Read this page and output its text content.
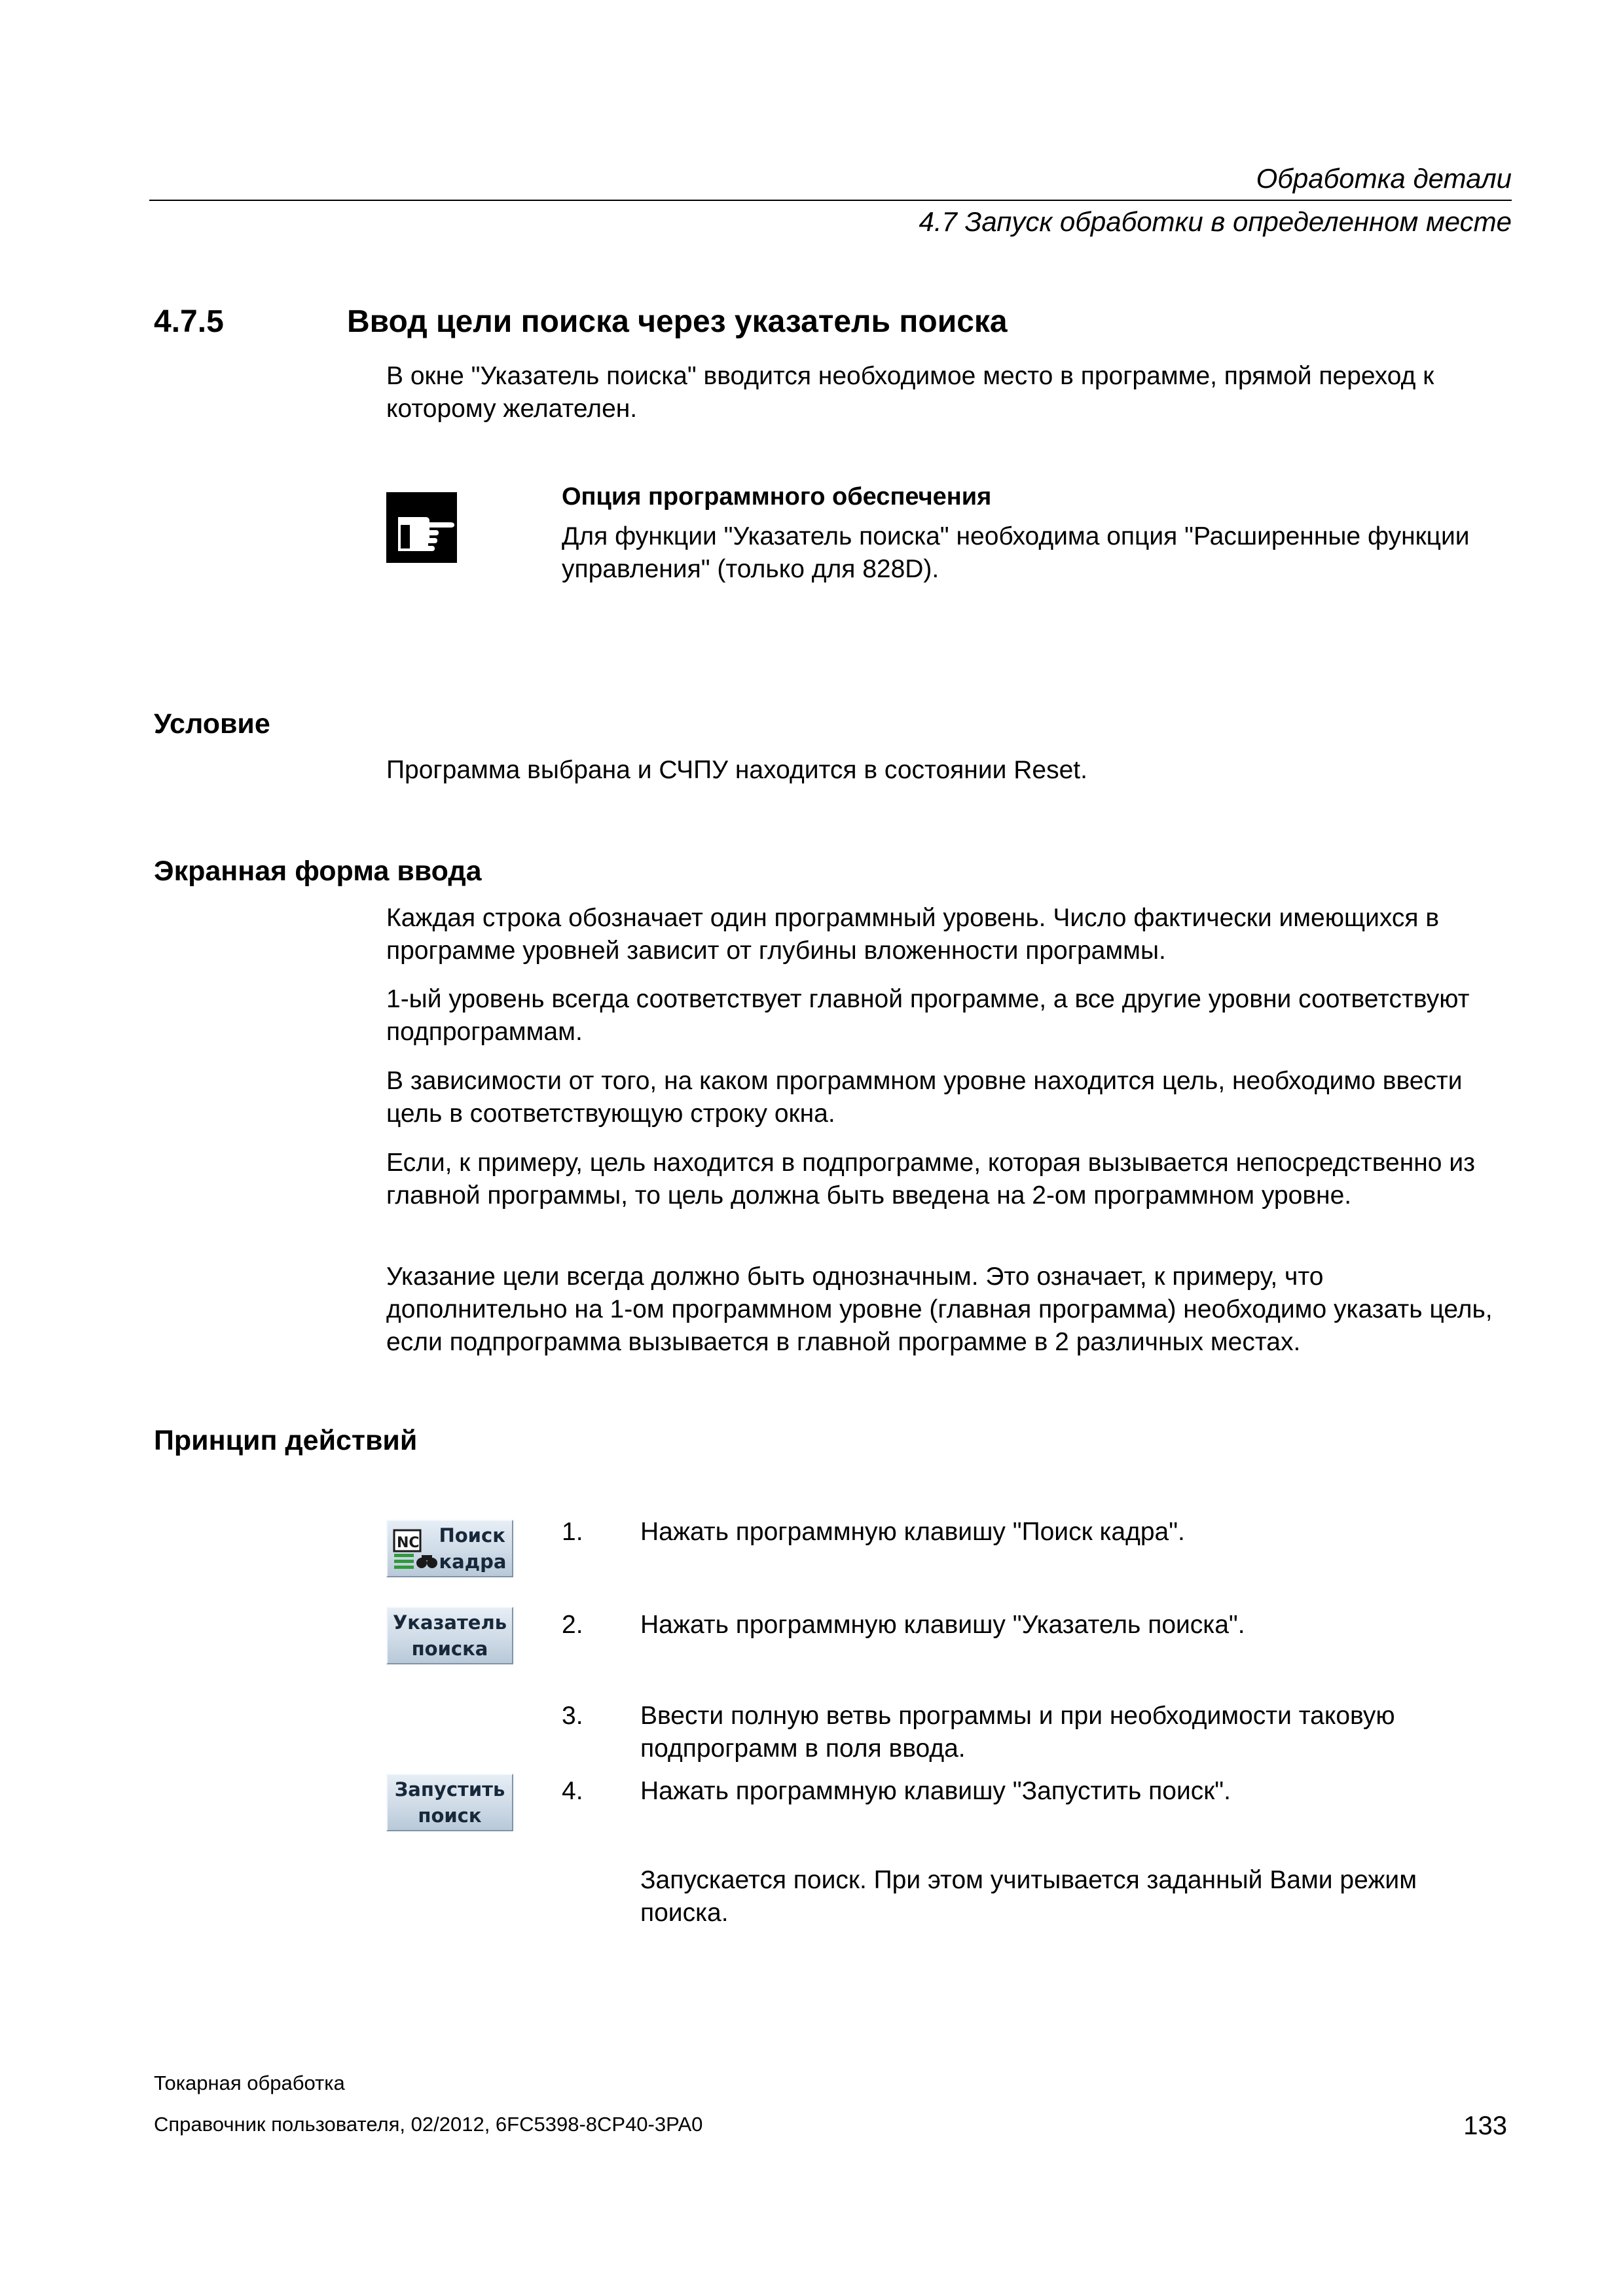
Обработка детали
4.7 Запуск обработки в определенном месте
4.7.5	Ввод цели поиска через указатель поиска
В окне "Указатель поиска" вводится необходимое место в программе, прямой переход к которому желателен.
Опция программного обеспечения
Для функции "Указатель поиска" необходима опция "Расширенные функции управления" (только для 828D).
Условие
Программа выбрана и СЧПУ находится в состоянии Reset.
Экранная форма ввода
Каждая строка обозначает один программный уровень. Число фактически имеющихся в программе уровней зависит от глубины вложенности программы.
1-ый уровень всегда соответствует главной программе, а все другие уровни соответствуют подпрограммам.
В зависимости от того, на каком программном уровне находится цель, необходимо ввести цель в соответствующую строку окна.
Если, к примеру, цель находится в подпрограмме, которая вызывается непосредственно из главной программы, то цель должна быть введена на 2-ом программном уровне.
Указание цели всегда должно быть однозначным. Это означает, к примеру, что дополнительно на 1-ом программном уровне (главная программа) необходимо указать цель, если подпрограмма вызывается в главной программе в 2 различных местах.
Принцип действий
NC Поиск
кадра
Указатель
поиска
Запустить
поиск
1. Нажать программную клавишу "Поиск кадра".
2. Нажать программную клавишу "Указатель поиска".
3. Ввести полную ветвь программы и при необходимости таковую подпрограмм в поля ввода.
4. Нажать программную клавишу "Запустить поиск".
Запускается поиск. При этом учитывается заданный Вами режим поиска.
Токарная обработка
Справочник пользователя, 02/2012, 6FC5398-8CP40-3PA0	133
